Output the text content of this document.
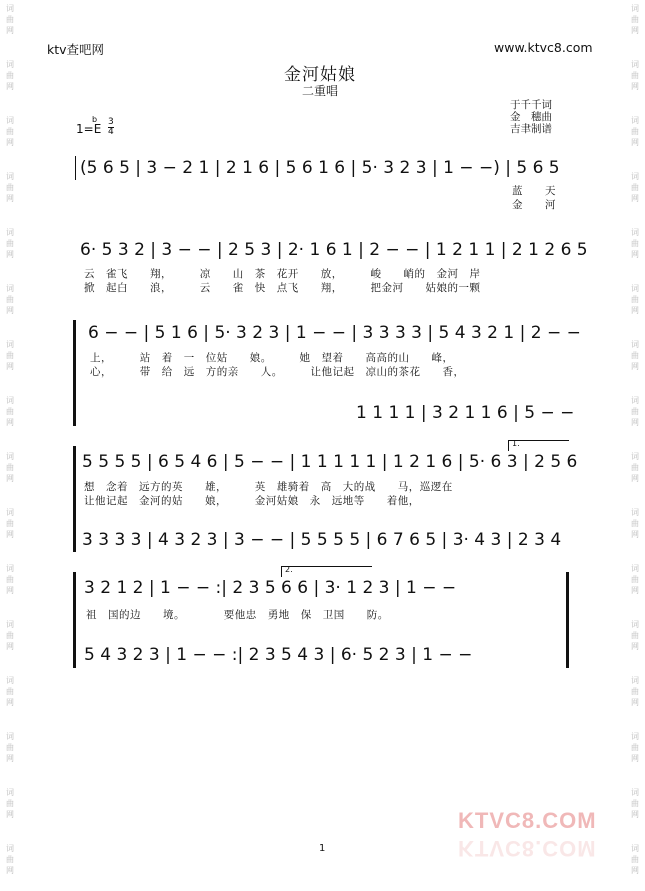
词
曲
网
词
曲
网
词
曲
网
词
曲
网
词
曲
网
词
曲
网
词
曲
网
词
曲
网
词
曲
网
词
曲
网
词
曲
网
词
曲
网
词
曲
网
词
曲
网
词
曲
网
词
曲
网
词
曲
网
词
曲
网
词
曲
网
词
曲
网
词
曲
网
词
曲
网
词
曲
网
词
曲
网
词
曲
网
词
曲
网
词
曲
网
词
曲
网
词
曲
网
词
曲
网
词
曲
网
词
曲
网
ktv查吧网	www.ktvc8.com
金河姑娘
二重唱
于千千词
金　穗曲
吉聿制谱
1=E
b 3
4
(5 6 5 | 3 − 2 1 | 2 1 6 | 5 6 1 6 | 5· 3 2 3 | 1 − −) | 5 6 5
蓝　　天
金　　河
6· 5 3 2 | 3 − − | 2 5 3 | 2· 1 6 1 | 2 − − | 1 2 1 1 | 2 1 2 6 5
云　雀飞　　翔，　　　凉　　山　茶　花开　　放，　　　峻　　峭的　金河　岸
掀　起白　　浪，　　　云　　雀　快　点飞　　翔，　　　把金河　　姑娘的一颗
6 − − | 5 1 6 | 5· 3 2 3 | 1 − − | 3 3 3 3 | 5 4 3 2 1 | 2 − −
上，　　　站　着　一　位姑　　娘。　　　她　望着　　高高的山　　峰，
心，　　　带　给　远　方的亲　　人。　　　让他记起　凉山的茶花　　香，
1 1 1 1 | 3 2 1 1 6 | 5 − −
1.
5 5 5 5 | 6 5 4 6 | 5 − − | 1 1 1 1 1 | 1 2 1 6 | 5· 6 3 | 2 5 6
想　念着　远方的英　　雄，　　　英　雄骑着　高　大的战　　马，巡逻在
让他记起　金河的姑　　娘，　　　金河姑娘　永　远地等　　着他，
3 3 3 3 | 4 3 2 3 | 3 − − | 5 5 5 5 | 6 7 6 5 | 3· 4 3 | 2 3 4
2.
3 2 1 2 | 1 − − :| 2 3 5 6 6 | 3· 1 2 3 | 1 − −
祖　国的边　　境。　　　　要他忠　勇地　保　卫国　　防。
5 4 3 2 3 | 1 − − :| 2 3 5 4 3 | 6· 5 2 3 | 1 − −
KTVC8.COM
KTVC8.COM
1
